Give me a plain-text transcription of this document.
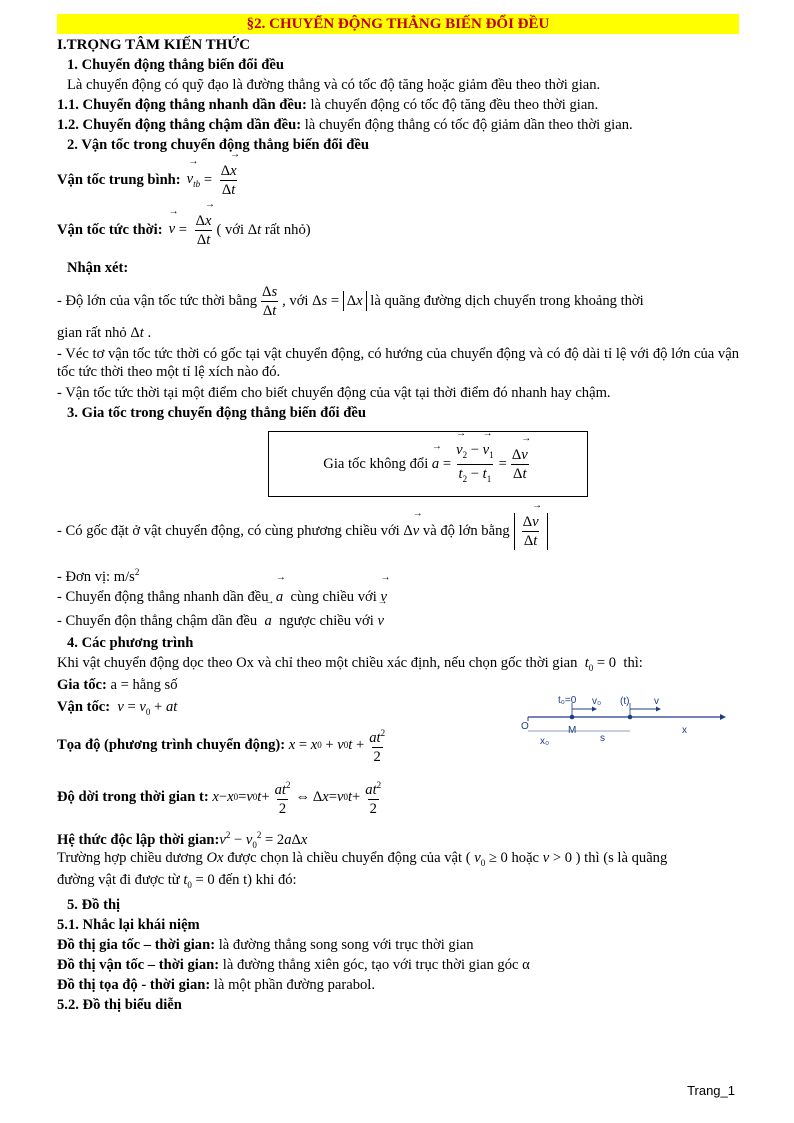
§2. CHUYỂN ĐỘNG THẲNG BIẾN ĐỔI ĐỀU
I.TRỌNG TÂM KIẾN THỨC
1. Chuyển động thẳng biến đổi đều
Là chuyển động có quỹ đạo là đường thẳng và có tốc độ tăng hoặc giảm đều theo thời gian.
1.1. Chuyển động thẳng nhanh dần đều: là chuyển động có tốc độ tăng đều theo thời gian.
1.2. Chuyển động thẳng chậm dần đều: là chuyển động thẳng có tốc độ giảm dần theo thời gian.
2. Vận tốc trong chuyển động thẳng biến đổi đều
Vận tốc trung bình: → $v_{tb} = \frac{\Delta\to x}{\Delta t}$
Vận tốc tức thời: → $v = \frac{\Delta\to x}{\Delta t}$ ( với Δt rất nhỏ)
Nhận xét:
- Độ lớn của vận tốc tức thời bằng $\frac{\Delta s}{\Delta t}$ , với Δs = Δ x
là quãng đường dịch chuyển trong khoảng thời
gian rất nhỏ Δt .
- Véc tơ vận tốc tức thời có gốc tại vật chuyển động, có hướng của chuyển động và có độ dài tỉ lệ với độ lớn của vận tốc tức thời theo một tỉ lệ xích nào đó.
- Vận tốc tức thời tại một điểm cho biết chuyển động của vật tại thời điểm đó nhanh hay chậm.
3. Gia tốc trong chuyển động thẳng biến đổi đều
Gia tốc không đổi
→ a = → $\frac{v_2 - \to v_1}{t_2 - t_1} = \frac{\Delta\to v}{\Delta t}$
- Có gốc đặt ở vật chuyển động, có cùng phương chiều với Δ → v
và độ lớn bằng $\frac{\Delta\to v}{\Delta t}$
- Đơn vị: $m/s^2$
- Chuyển động thẳng nhanh dần đều → a cùng chiều với → v
- Chuyển độn thẳng chậm dần đều → a ngược chiều với → v
4. Các phương trình
Khi vật chuyển động dọc theo Ox và chỉ theo một chiều xác định, nếu chọn gốc thời gian $t_0 = 0$  thì:
Gia tốc: a = hằng số
Vận tốc: $v = v_0$ + at
Tọa độ (phương trình chuyển động):
x = x 0 + v 0 $t + \frac{at^2}{2}$
Độ dời trong thời gian t:
x − x 0 = v 0 $t + \frac{at^2}{2}$ ⇔ Δ x = v 0 $t + \frac{at^2}{2}$
Hệ thức độc lập thời $gian:v^2 - v_0^2 = 2a\Delta x$
Trường hợp chiều dương Ox được chọn là chiều chuyển động của vật ( $v_0 \ge 0$ hoặc v > 0 ) thì (s là quãng
đường vật đi được từ $t_0 = 0$ đến t) khi đó:
5. Đồ thị
5.1. Nhắc lại khái niệm
Đồ thị gia tốc – thời gian: là đường thẳng song song với trục thời gian
Đồ thị vận tốc – thời gian: là đường thẳng xiên góc, tạo với trục thời gian góc α
Đồ thị tọa độ - thời gian: là một phần đường parabol.
5.2. Đồ thị biểu diễn
O
x₀
M
s
t₀=0 v₀ (t) v
x
Trang_1
